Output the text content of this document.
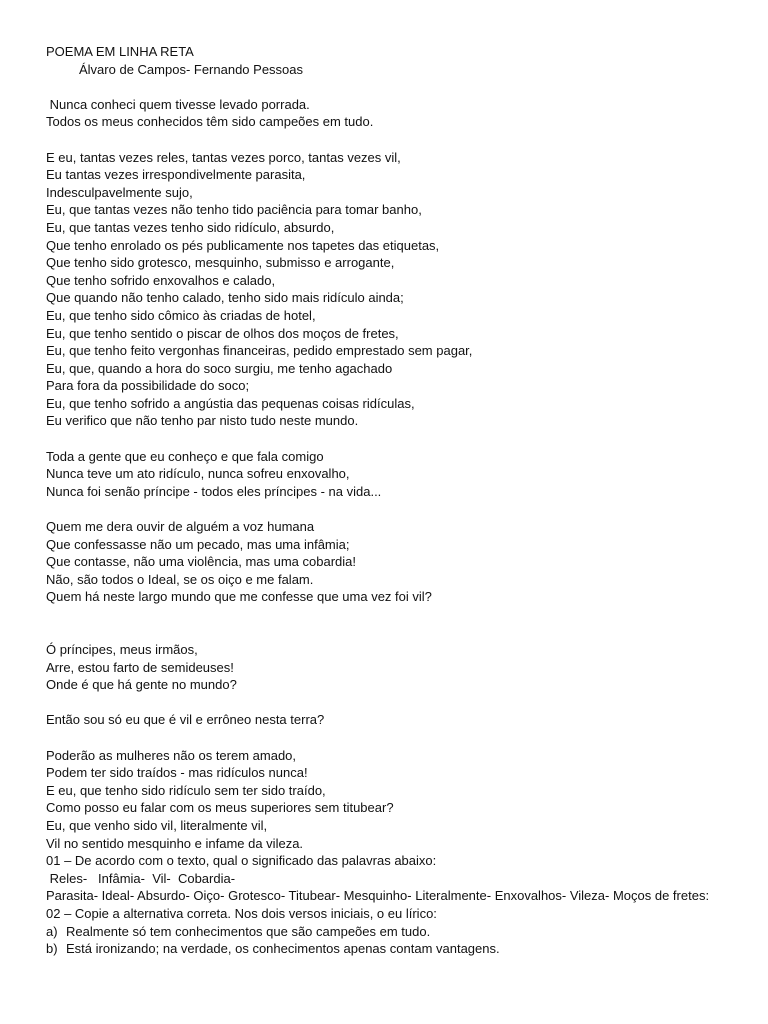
POEMA EM LINHA RETA
Álvaro de Campos- Fernando Pessoas
Nunca conheci quem tivesse levado porrada.
Todos os meus conhecidos têm sido campeões em tudo.
E eu, tantas vezes reles, tantas vezes porco, tantas vezes vil,
Eu tantas vezes irrespondivelmente parasita,
Indesculpavelmente sujo,
Eu, que tantas vezes não tenho tido paciência para tomar banho,
Eu, que tantas vezes tenho sido ridículo, absurdo,
Que tenho enrolado os pés publicamente nos tapetes das etiquetas,
Que tenho sido grotesco, mesquinho, submisso e arrogante,
Que tenho sofrido enxovalhos e calado,
Que quando não tenho calado, tenho sido mais ridículo ainda;
Eu, que tenho sido cômico às criadas de hotel,
Eu, que tenho sentido o piscar de olhos dos moços de fretes,
Eu, que tenho feito vergonhas financeiras, pedido emprestado sem pagar,
Eu, que, quando a hora do soco surgiu, me tenho agachado
Para fora da possibilidade do soco;
Eu, que tenho sofrido a angústia das pequenas coisas ridículas,
Eu verifico que não tenho par nisto tudo neste mundo.
Toda a gente que eu conheço e que fala comigo
Nunca teve um ato ridículo, nunca sofreu enxovalho,
Nunca foi senão príncipe - todos eles príncipes - na vida...
Quem me dera ouvir de alguém a voz humana
Que confessasse não um pecado, mas uma infâmia;
Que contasse, não uma violência, mas uma cobardia!
Não, são todos o Ideal, se os oiço e me falam.
Quem há neste largo mundo que me confesse que uma vez foi vil?
Ó príncipes, meus irmãos,
Arre, estou farto de semideuses!
Onde é que há gente no mundo?
Então sou só eu que é vil e errôneo nesta terra?
Poderão as mulheres não os terem amado,
Podem ter sido traídos - mas ridículos nunca!
E eu, que tenho sido ridículo sem ter sido traído,
Como posso eu falar com os meus superiores sem titubear?
Eu, que venho sido vil, literalmente vil,
Vil no sentido mesquinho e infame da vileza.
01 – De acordo com o texto, qual o significado das palavras abaixo:
Reles-   Infâmia-  Vil-  Cobardia-
Parasita- Ideal- Absurdo- Oiço- Grotesco- Titubear- Mesquinho- Literalmente- Enxovalhos- Vileza- Moços de fretes:
02 – Copie a alternativa correta. Nos dois versos iniciais, o eu lírico:
a) Realmente só tem conhecimentos que são campeões em tudo.
b) Está ironizando; na verdade, os conhecimentos apenas contam vantagens.
